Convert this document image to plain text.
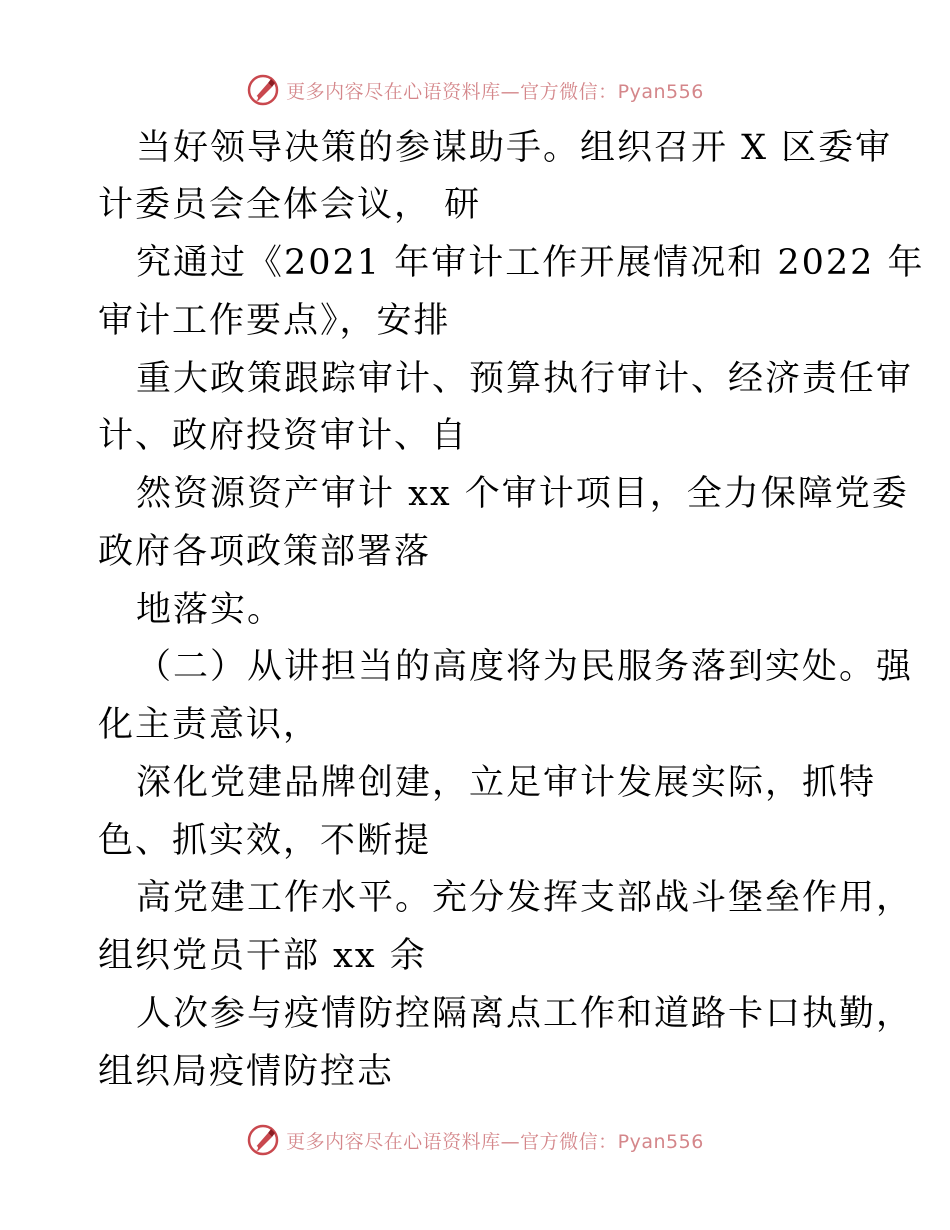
更多内容尽在心语资料库—官方微信：Pyan556
当好领导决策的参谋助手。组织召开 X 区委审
计委员会全体会议， 研
究通过《2021 年审计工作开展情况和 2022 年
审计工作要点》，安排
重大政策跟踪审计、预算执行审计、经济责任审
计、政府投资审计、自
然资源资产审计 xx 个审计项目，全力保障党委
政府各项政策部署落
地落实。
（二）从讲担当的高度将为民服务落到实处。强
化主责意识，
深化党建品牌创建，立足审计发展实际，抓特
色、抓实效，不断提
高党建工作水平。充分发挥支部战斗堡垒作用，
组织党员干部 xx 余
人次参与疫情防控隔离点工作和道路卡口执勤，
组织局疫情防控志
更多内容尽在心语资料库—官方微信：Pyan556
